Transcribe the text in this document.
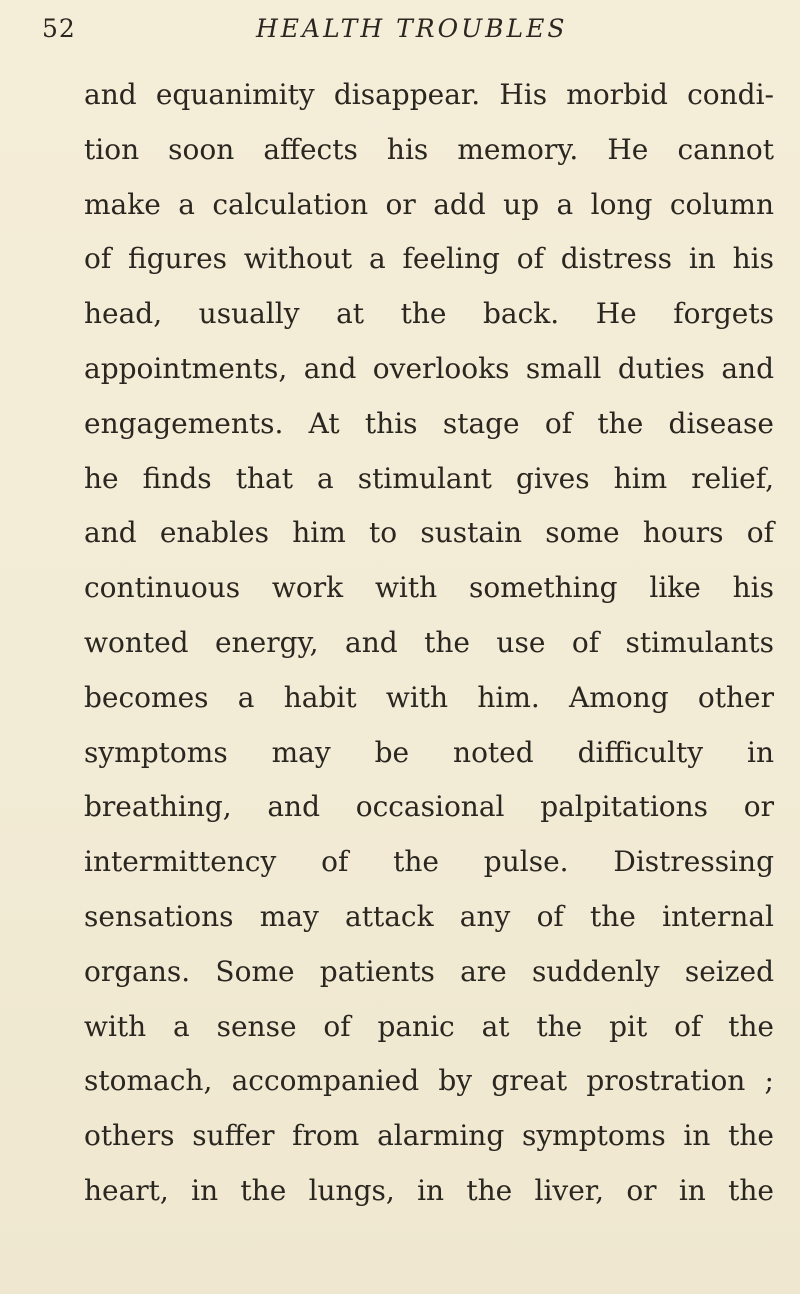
52	HEALTH TROUBLES
and equanimity disappear. His morbid condi-
tion soon affects his memory. He cannot
make a calculation or add up a long column
of figures without a feeling of distress in his
head, usually at the back. He forgets
appointments, and overlooks small duties and
engagements. At this stage of the disease
he finds that a stimulant gives him relief,
and enables him to sustain some hours of
continuous work with something like his
wonted energy, and the use of stimulants
becomes a habit with him. Among other
symptoms may be noted difficulty in
breathing, and occasional palpitations or
intermittency of the pulse. Distressing
sensations may attack any of the internal
organs. Some patients are suddenly seized
with a sense of panic at the pit of the
stomach, accompanied by great prostration ;
others suffer from alarming symptoms in the
heart, in the lungs, in the liver, or in the
